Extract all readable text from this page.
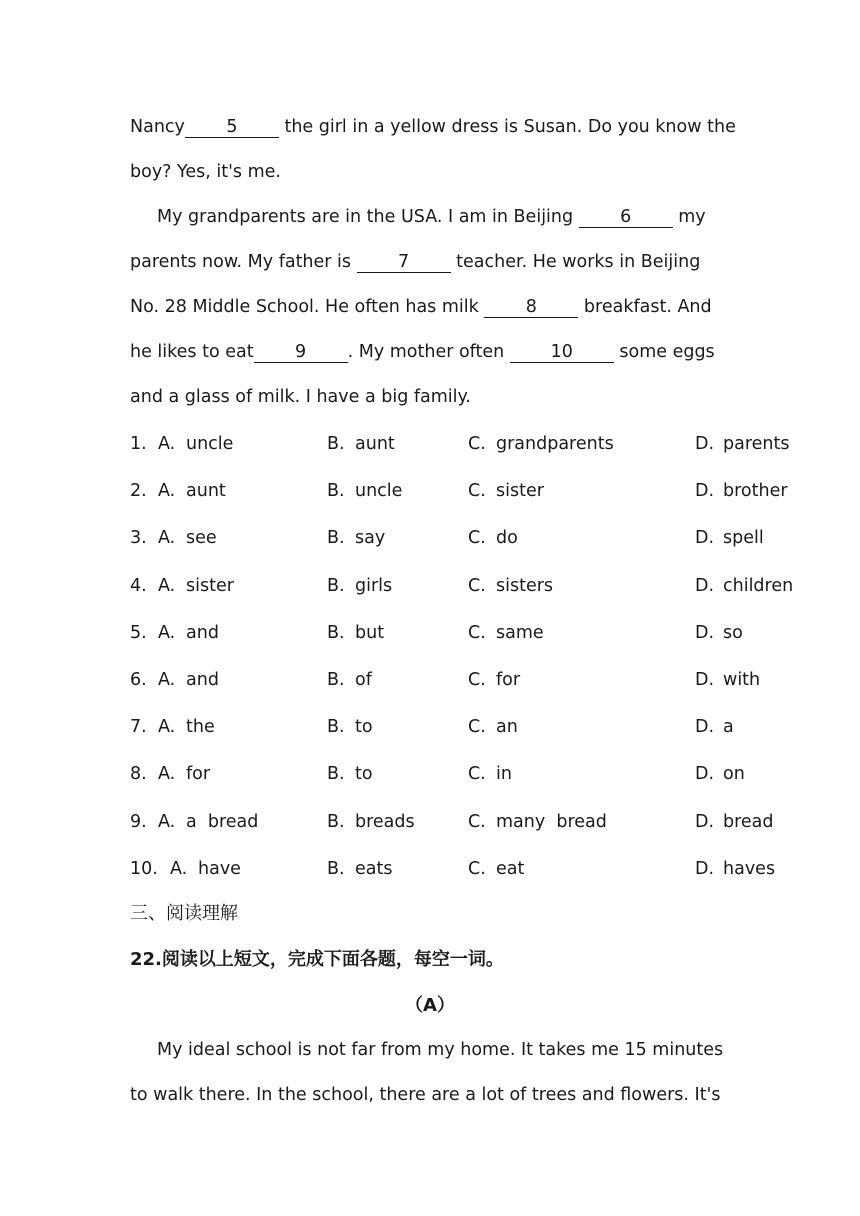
Nancy 5 the girl in a yellow dress is Susan. Do you know the
boy? Yes, it's me.
My grandparents are in the USA. I am in Beijing 6 my
parents now. My father is 7 teacher. He works in Beijing
No. 28 Middle School. He often has milk 8 breakfast. And
he likes to eat 9 . My mother often 10 some eggs
and a glass of milk. I have a big family.
1. A. uncle	B. aunt	C. grandparents	D. parents
2. A. aunt	B. uncle	C. sister	D. brother
3. A. see	B. say	C. do	D. spell
4. A. sister	B. girls	C. sisters	D. children
5. A. and	B. but	C. same	D. so
6. A. and	B. of	C. for	D. with
7. A. the	B. to	C. an	D. a
8. A. for	B. to	C. in	D. on
9. A. a  bread	B. breads	C. many  bread	D. bread
10. A. have	B. eats	C. eat	D. haves
三、阅读理解
22.阅读以上短文，完成下面各题，每空一词。
（A）
My ideal school is not far from my home. It takes me 15 minutes
to walk there. In the school, there are a lot of trees and flowers. It's
